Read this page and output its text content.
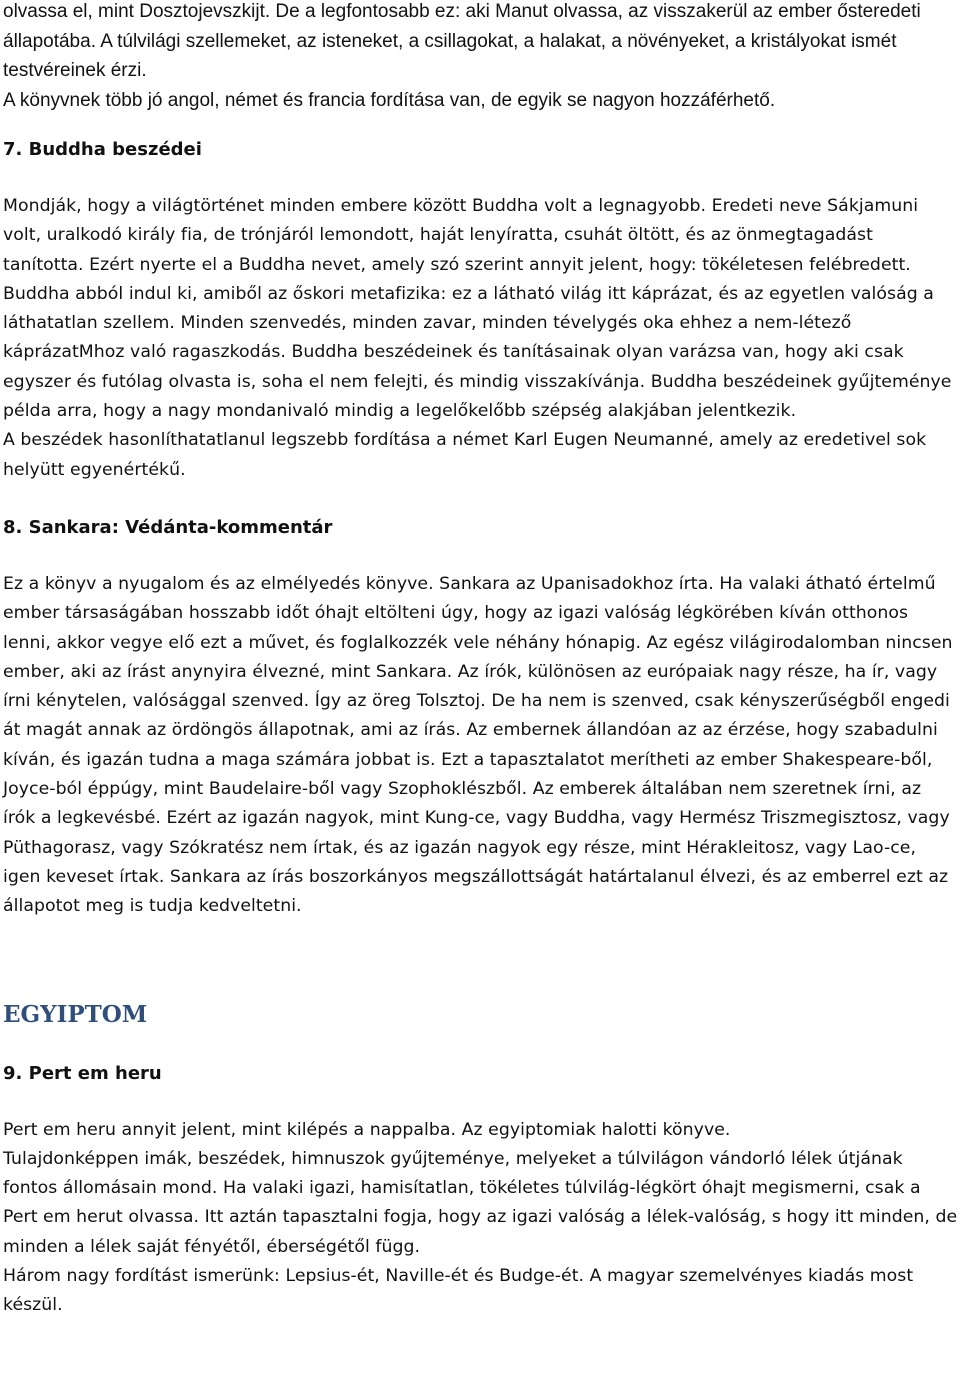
olvassa el, mint Dosztojevszkijt. De a legfontosabb ez: aki Manut olvassa, az visszakerül az ember ősteredeti állapotába. A túlvilági szellemeket, az isteneket, a csillagokat, a halakat, a növényeket, a kristályokat ismét testvéreinek érzi.

A könyvnek több jó angol, német és francia fordítása van, de egyik se nagyon hozzáférhető.

7. Buddha beszédei

Mondják, hogy a világtörténet minden embere között Buddha volt a legnagyobb. Eredeti neve Sákjamuni volt, uralkodó király fia, de trónjáról lemondott, haját lenyíratta, csuhát öltött, és az önmegtagadást tanította. Ezért nyerte el a Buddha nevet, amely szó szerint annyit jelent, hogy: tökéletesen felébredett. Buddha abból indul ki, amiből az őskori metafizika: ez a látható világ itt káprázat, és az egyetlen valóság a láthatatlan szellem. Minden szenvedés, minden zavar, minden tévelygés oka ehhez a nem-létező káprázatMhoz való ragaszkodás. Buddha beszédeinek és tanításainak olyan varázsa van, hogy aki csak egyszer és futólag olvasta is, soha el nem felejti, és mindig visszakívánja. Buddha beszédeinek gyűjteménye példa arra, hogy a nagy mondanivaló mindig a legelőkelőbb szépség alakjában jelentkezik.

A beszédek hasonlíthatatlanul legszebb fordítása a német Karl Eugen Neumanné, amely az eredetivel sok helyütt egyenértékű.

8. Sankara: Védánta-kommentár

Ez a könyv a nyugalom és az elmélyedés könyve. Sankara az Upanisadokhoz írta. Ha valaki átható értelmű ember társaságában hosszabb időt óhajt eltölteni úgy, hogy az igazi valóság légkörében kíván otthonos lenni, akkor vegye elő ezt a művet, és foglalkozzék vele néhány hónapig. Az egész világirodalomban nincsen ember, aki az írást anynyira élvezné, mint Sankara. Az írók, különösen az európaiak nagy része, ha ír, vagy írni kénytelen, valósággal szenved. Így az öreg Tolsztoj. De ha nem is szenved, csak kényszerűségből engedi át magát annak az ördöngös állapotnak, ami az írás. Az embernek állandóan az az érzése, hogy szabadulni kíván, és igazán tudna a maga számára jobbat is. Ezt a tapasztalatot merítheti az ember Shakespeare-ből, Joyce-ból éppúgy, mint Baudelaire-ből vagy Szophoklészből. Az emberek általában nem szeretnek írni, az írók a legkevésbé. Ezért az igazán nagyok, mint Kung-ce, vagy Buddha, vagy Hermész Triszmegisztosz, vagy Püthagorasz, vagy Szókratész nem írtak, és az igazán nagyok egy része, mint Hérakleitosz, vagy Lao-ce, igen keveset írtak. Sankara az írás boszorkányos megszállottságát határtalanul élvezi, és az emberrel ezt az állapotot meg is tudja kedveltetni.

EGYIPTOM
9. Pert em heru

Pert em heru annyit jelent, mint kilépés a nappalba. Az egyiptomiak halotti könyve.

Tulajdonképpen imák, beszédek, himnuszok gyűjteménye, melyeket a túlvilágon vándorló lélek útjának fontos állomásain mond. Ha valaki igazi, hamisítatlan, tökéletes túlvilág-légkört óhajt megismerni, csak a Pert em herut olvassa. Itt aztán tapasztalni fogja, hogy az igazi valóság a lélek-valóság, s hogy itt minden, de minden a lélek saját fényétől, éberségétől függ.

Három nagy fordítást ismerünk: Lepsius-ét, Naville-ét és Budge-ét. A magyar szemelvényes kiadás most készül.
